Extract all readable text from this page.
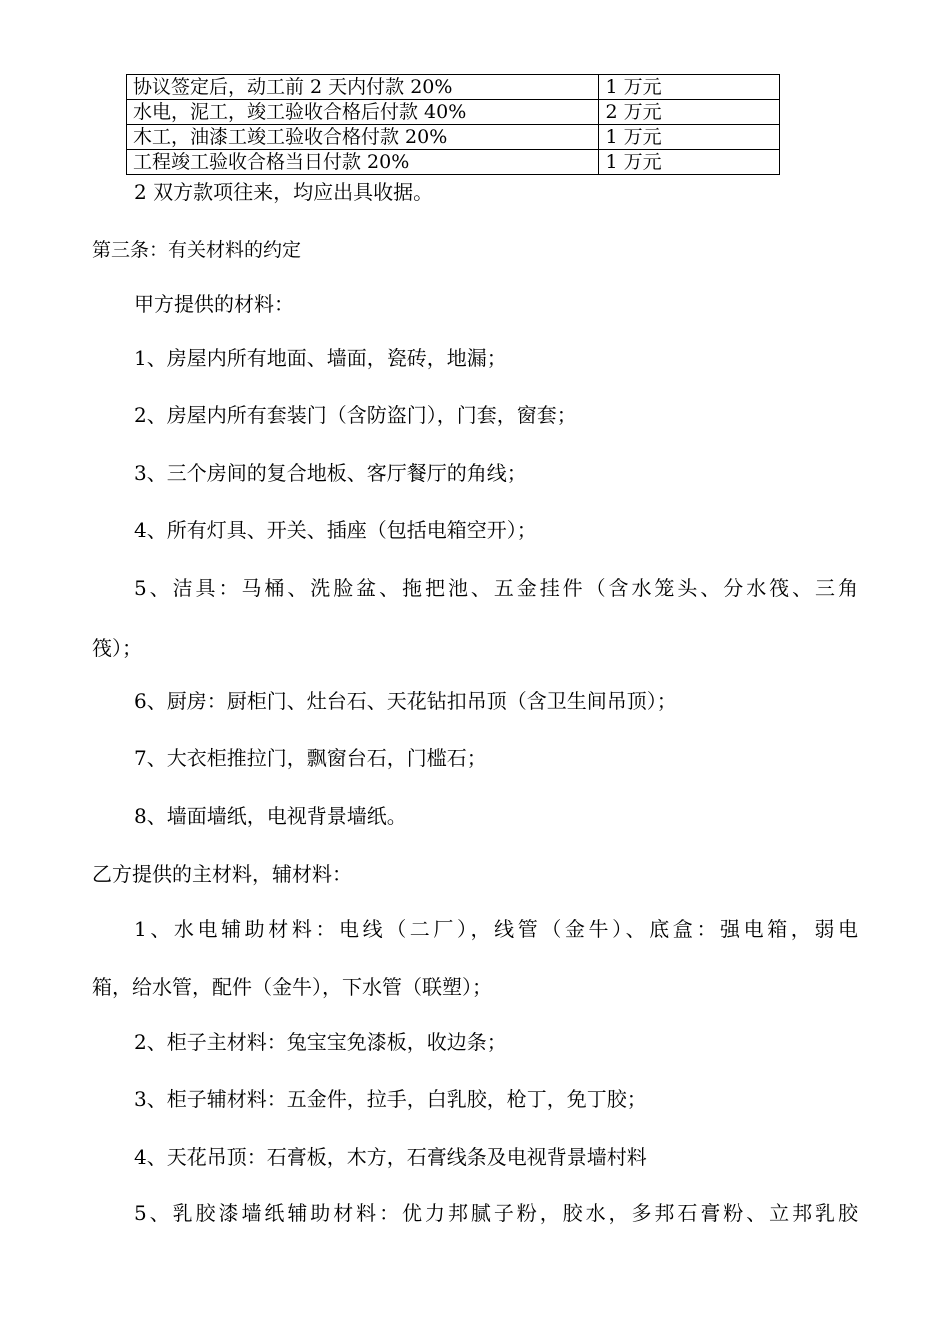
协议签定后，动工前 2 天内付款 20%	1 万元
水电，泥工，竣工验收合格后付款 40%	2 万元
木工，油漆工竣工验收合格付款 20%	1 万元
工程竣工验收合格当日付款 20%	1 万元
2 双方款项往来，均应出具收据。
第三条：有关材料的约定
甲方提供的材料：
1、房屋内所有地面、墙面，瓷砖，地漏；
2、房屋内所有套装门（含防盗门），门套，窗套；
3、三个房间的复合地板、客厅餐厅的角线；
4、所有灯具、开关、插座（包括电箱空开）；
5、洁具：马桶、洗脸盆、拖把池、五金挂件（含水笼头、分水筏、三角
筏）；
6、厨房：厨柜门、灶台石、天花钻扣吊顶（含卫生间吊顶）；
7、大衣柜推拉门，飘窗台石，门槛石；
8、墙面墙纸，电视背景墙纸。
乙方提供的主材料，辅材料：
1、水电辅助材料：电线（二厂），线管（金牛）、底盒：强电箱，弱电
箱，给水管，配件（金牛），下水管（联塑）；
2、柜子主材料：兔宝宝免漆板，收边条；
3、柜子辅材料：五金件，拉手，白乳胶，枪丁，免丁胶；
4、天花吊顶：石膏板，木方，石膏线条及电视背景墙村料
5、乳胶漆墙纸辅助材料：优力邦腻子粉，胶水，多邦石膏粉、立邦乳胶
